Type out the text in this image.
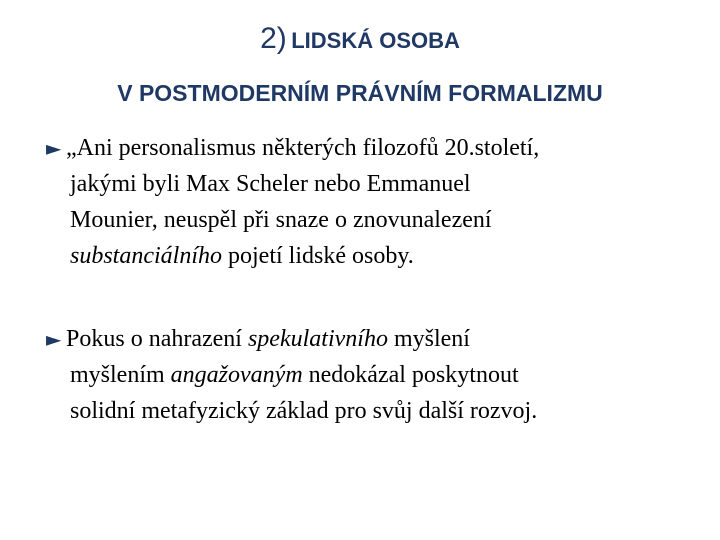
2) LIDSKÁ OSOBA
V POSTMODERNÍM PRÁVNÍM FORMALIZMU

► „Ani personalismus některých filozofů 20.století,
jakými byli Max Scheler nebo Emmanuel
Mounier, neuspěl při snaze o znovunalezení
substanciálního pojetí lidské osoby.

► Pokus o nahrazení spekulativního myšlení
myšlením angažovaným nedokázal poskytnout
solidní metafyzický základ pro svůj další rozvoj.
